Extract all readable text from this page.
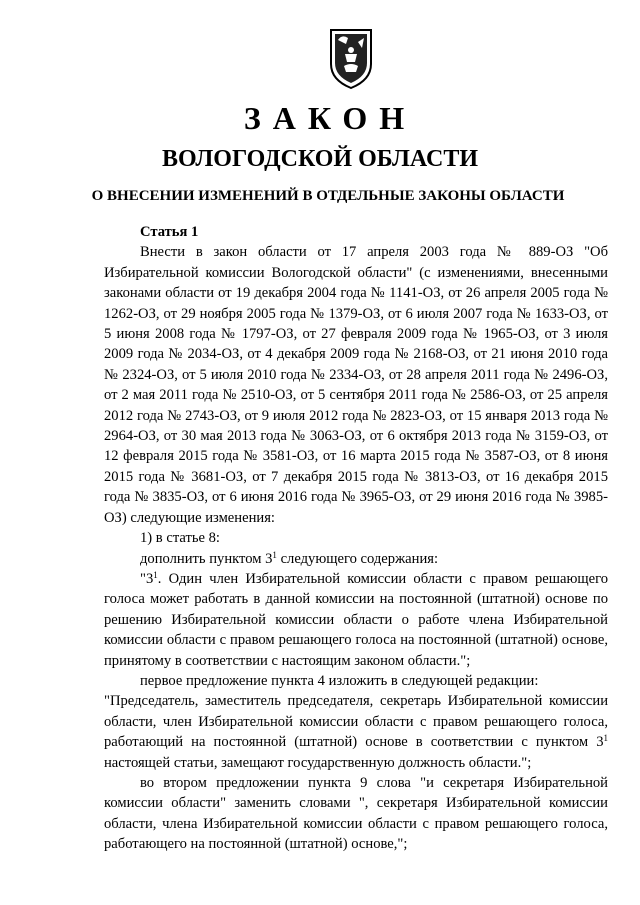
ЗАКОН
ВОЛОГОДСКОЙ ОБЛАСТИ
О ВНЕСЕНИИ ИЗМЕНЕНИЙ В ОТДЕЛЬНЫЕ ЗАКОНЫ ОБЛАСТИ

Статья 1

Внести в закон области от 17 апреля 2003 года № 889-ОЗ "Об Избирательной комиссии Вологодской области" (с изменениями, внесенными законами области от 19 декабря 2004 года № 1141-ОЗ, от 26 апреля 2005 года № 1262-ОЗ, от 29 ноября 2005 года № 1379-ОЗ, от 6 июля 2007 года № 1633-ОЗ, от 5 июня 2008 года № 1797-ОЗ, от 27 февраля 2009 года № 1965-ОЗ, от 3 июля 2009 года № 2034-ОЗ, от 4 декабря 2009 года № 2168-ОЗ, от 21 июня 2010 года № 2324-ОЗ, от 5 июля 2010 года № 2334-ОЗ, от 28 апреля 2011 года № 2496-ОЗ, от 2 мая 2011 года № 2510-ОЗ, от 5 сентября 2011 года № 2586-ОЗ, от 25 апреля 2012 года № 2743-ОЗ, от 9 июля 2012 года № 2823-ОЗ, от 15 января 2013 года № 2964-ОЗ, от 30 мая 2013 года № 3063-ОЗ, от 6 октября 2013 года № 3159-ОЗ, от 12 февраля 2015 года № 3581-ОЗ, от 16 марта 2015 года № 3587-ОЗ, от 8 июня 2015 года № 3681-ОЗ, от 7 декабря 2015 года № 3813-ОЗ, от 16 декабря 2015 года № 3835-ОЗ, от 6 июня 2016 года № 3965-ОЗ, от 29 июня 2016 года № 3985-ОЗ) следующие изменения:

1) в статье 8:

дополнить пунктом $3^1$ следующего содержания:

"$3^1$. Один член Избирательной комиссии области с правом решающего голоса может работать в данной комиссии на постоянной (штатной) основе по решению Избирательной комиссии области о работе члена Избирательной комиссии области с правом решающего голоса на постоянной (штатной) основе, принятому в соответствии с настоящим законом области.";

первое предложение пункта 4 изложить в следующей редакции:

"Председатель, заместитель председателя, секретарь Избирательной комиссии области, член Избирательной комиссии области с правом решающего голоса, работающий на постоянной (штатной) основе в соответствии с пунктом $3^1$ настоящей статьи, замещают государственную должность области.";

во втором предложении пункта 9 слова "и секретаря Избирательной комиссии области" заменить словами ", секретаря Избирательной комиссии области, члена Избирательной комиссии области с правом решающего голоса, работающего на постоянной (штатной) основе,";
